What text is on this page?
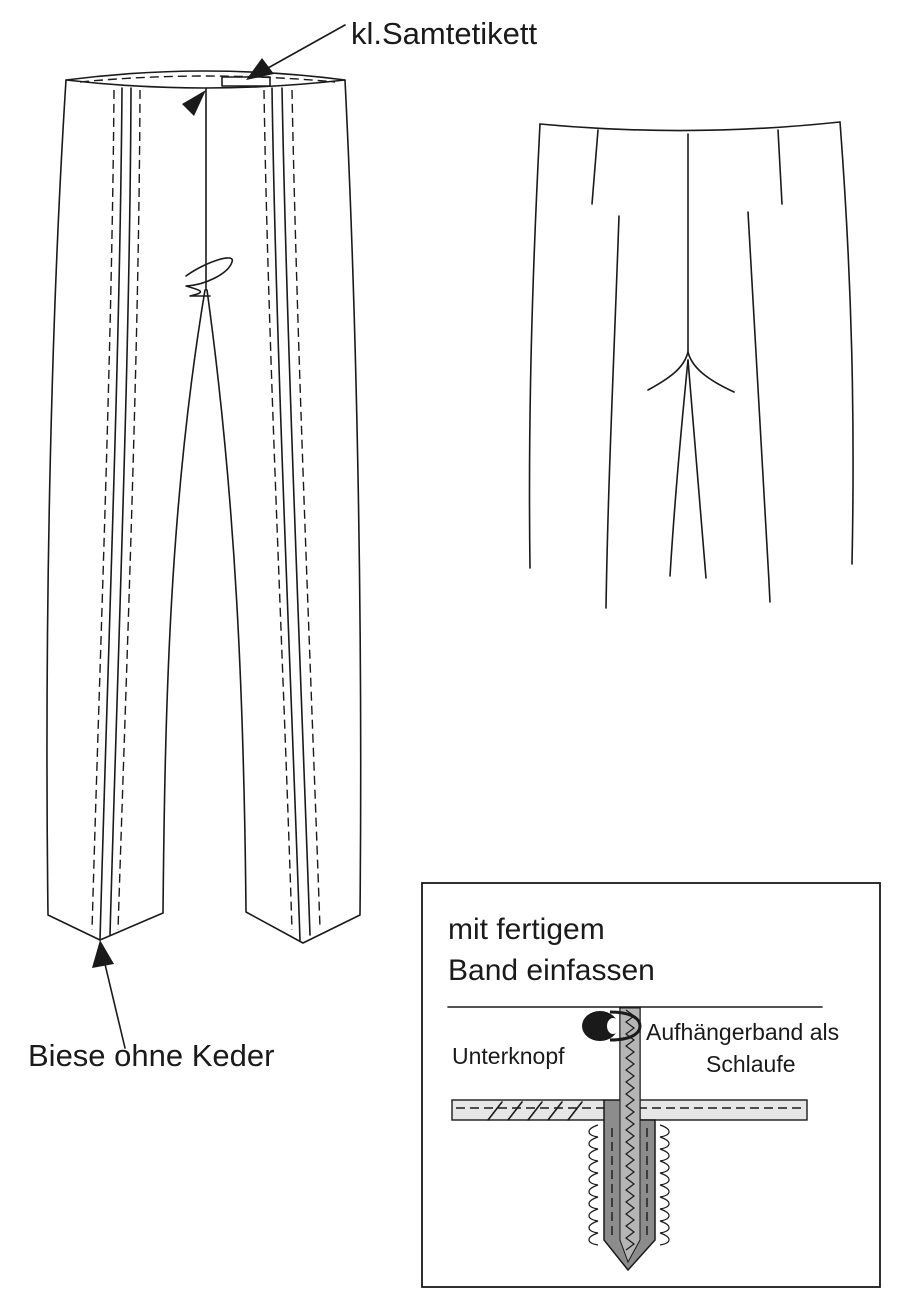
kl.Samtetikett
Biese ohne Keder
mit fertigem
Band einfassen
Unterknopf
Aufhängerband als
Schlaufe
